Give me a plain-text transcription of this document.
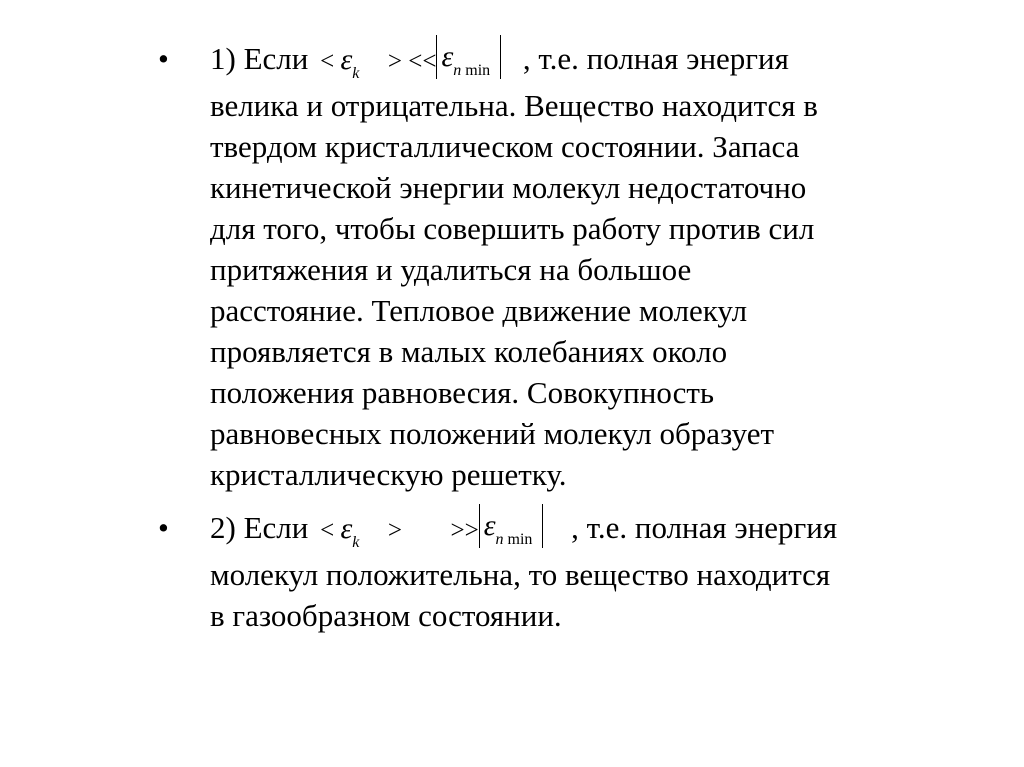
• 1) Если < $\varepsilon_k$ > << $\varepsilon_{n min}$ , т.е. полная энергия
велика и отрицательна. Вещество находится в
твердом кристаллическом состоянии. Запаса
кинетической энергии молекул недостаточно
для того, чтобы совершить работу против сил
притяжения и удалиться на большое
расстояние. Тепловое движение молекул
проявляется в малых колебаниях около
положения равновесия. Совокупность
равновесных положений молекул образует
кристаллическую решетку.
• 2) Если < $\varepsilon_k$ > >> $\varepsilon_{n min}$ , т.е. полная энергия
молекул положительна, то вещество находится
в газообразном состоянии.
